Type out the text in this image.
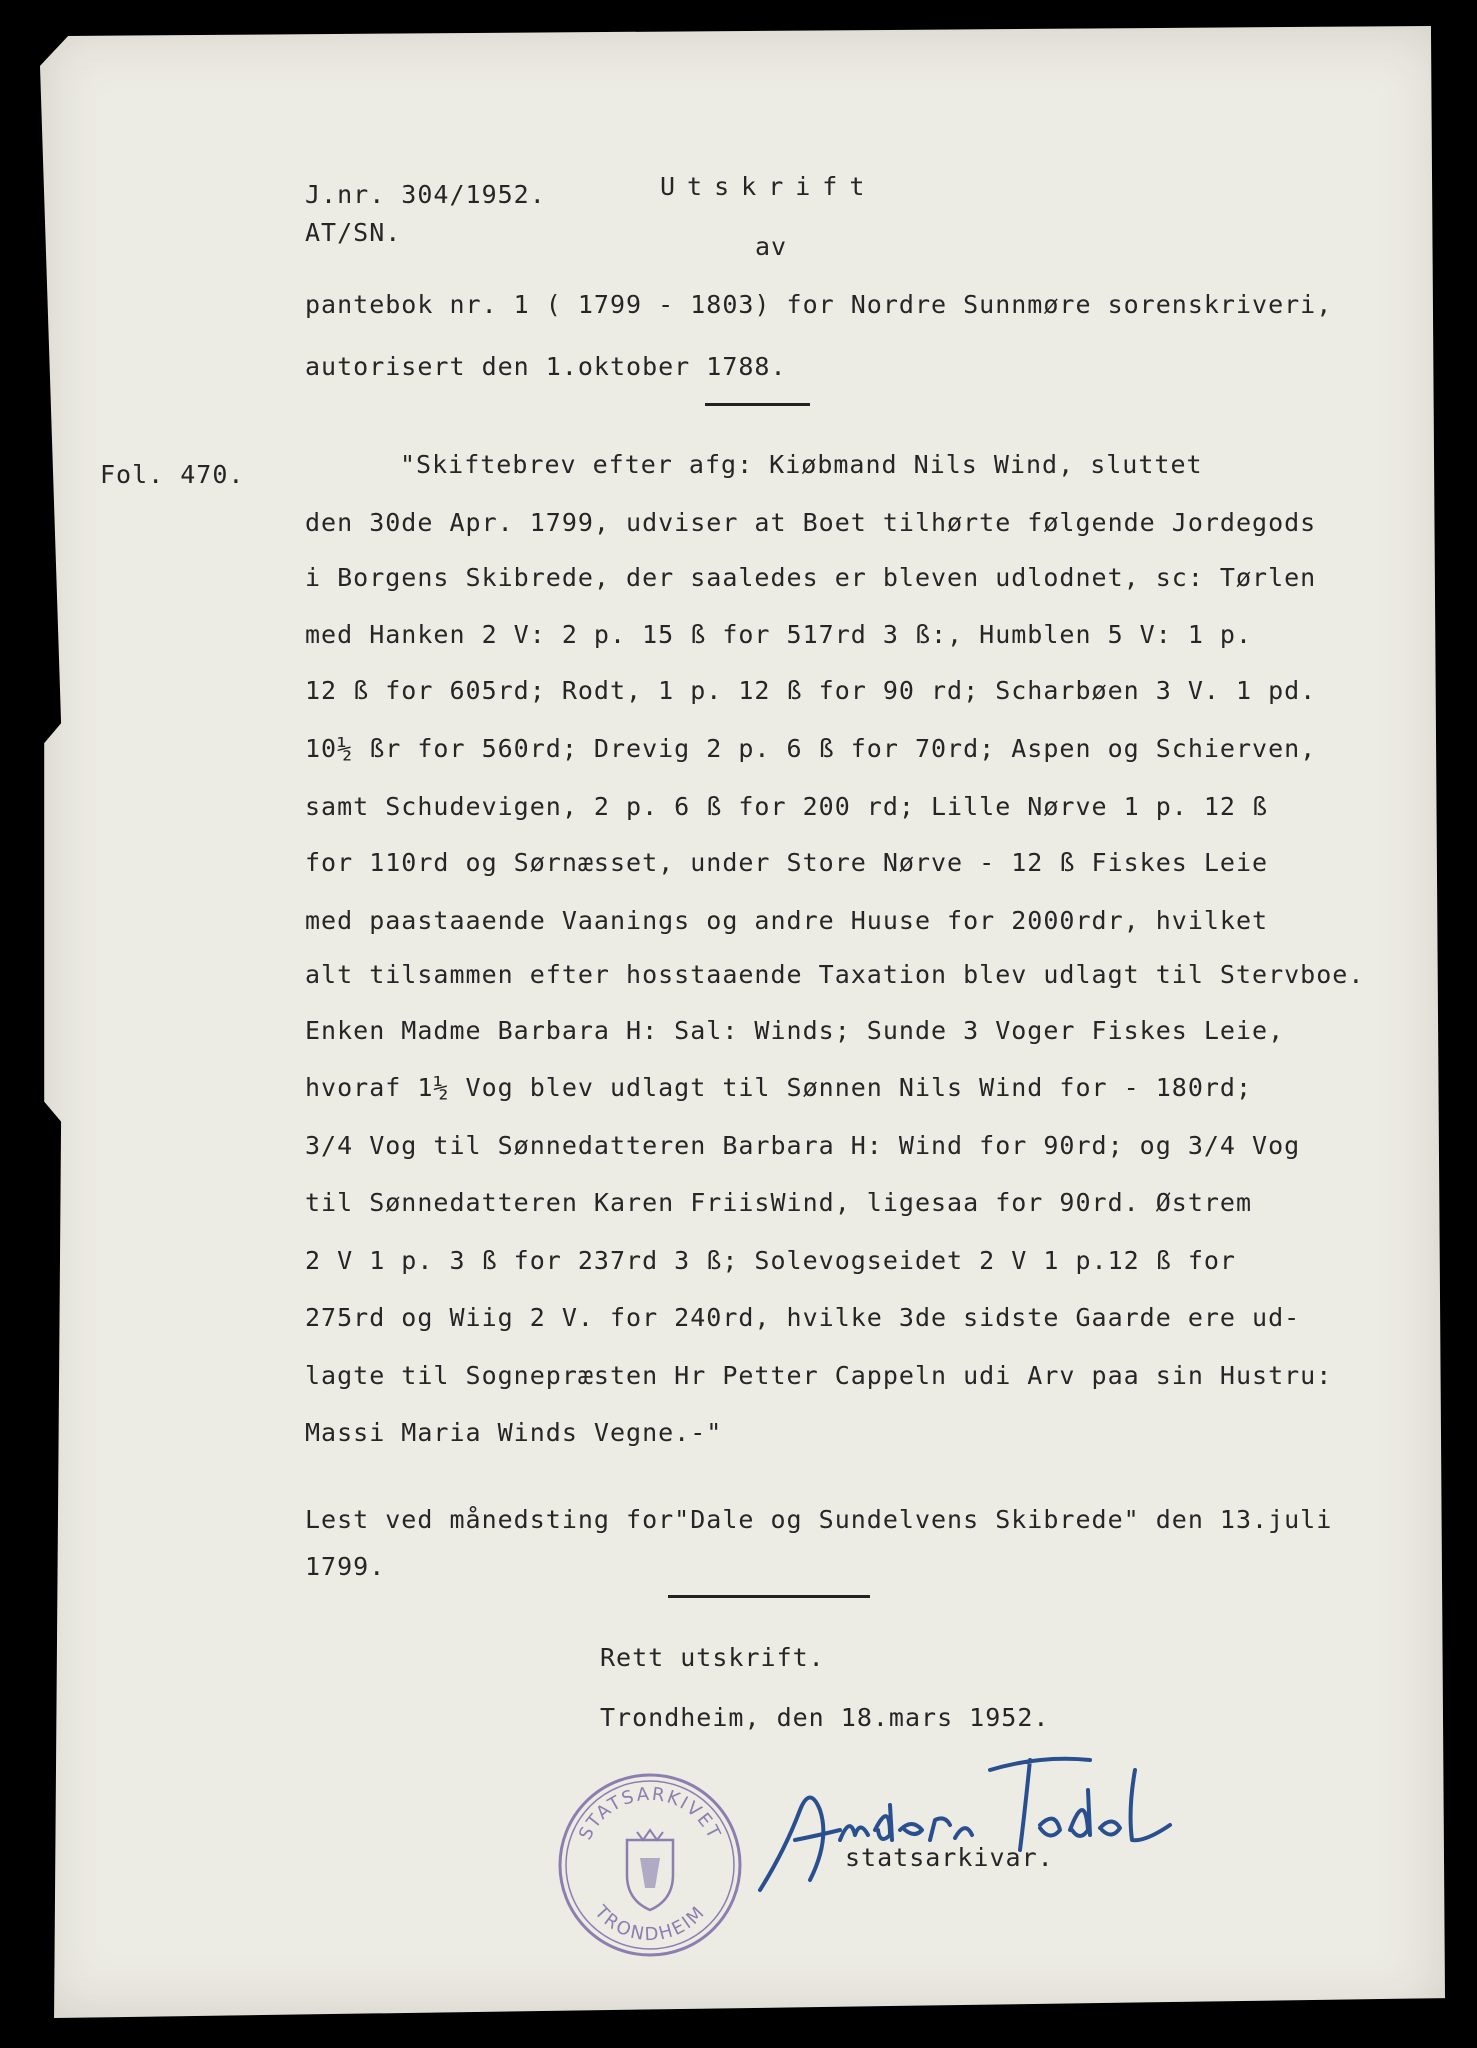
J.nr. 304/1952.	Utskrift
AT/SN.	av
pantebok nr. 1 ( 1799 - 1803) for Nordre Sunnmøre sorenskriveri,
autorisert den 1.oktober 1788.
Fol. 470.	"Skiftebrev efter afg: Kiøbmand Nils Wind, sluttet
den 30de Apr. 1799, udviser at Boet tilhørte følgende Jordegods
i Borgens Skibrede, der saaledes er bleven udlodnet, sc: Tørlen
med Hanken 2 V: 2 p. 15 ß for 517rd 3 ß:, Humblen 5 V: 1 p.
12 ß for 605rd; Rodt, 1 p. 12 ß for 90 rd; Scharbøen 3 V. 1 pd.
10½ ßr for 560rd; Drevig 2 p. 6 ß for 70rd; Aspen og Schierven,
samt Schudevigen, 2 p. 6 ß for 200 rd; Lille Nørve 1 p. 12 ß
for 110rd og Sørnæsset, under Store Nørve - 12 ß Fiskes Leie
med paastaaende Vaanings og andre Huuse for 2000rdr, hvilket
alt tilsammen efter hosstaaende Taxation blev udlagt til Stervboe.
Enken Madme Barbara H: Sal: Winds; Sunde 3 Voger Fiskes Leie,
hvoraf 1½ Vog blev udlagt til Sønnen Nils Wind for - 180rd;
3/4 Vog til Sønnedatteren Barbara H: Wind for 90rd; og 3/4 Vog
til Sønnedatteren Karen FriisWind, ligesaa for 90rd. Østrem
2 V 1 p. 3 ß for 237rd 3 ß; Solevogseidet 2 V 1 p.12 ß for
275rd og Wiig 2 V. for 240rd, hvilke 3de sidste Gaarde ere ud-
lagte til Sognepræsten Hr Petter Cappeln udi Arv paa sin Hustru:
Massi Maria Winds Vegne.-"
Lest ved månedsting for"Dale og Sundelvens Skibrede" den 13.juli
1799.
Rett utskrift.
Trondheim, den 18.mars 1952.
statsarkivar.
STATSARKIVET
TRONDHEIM
